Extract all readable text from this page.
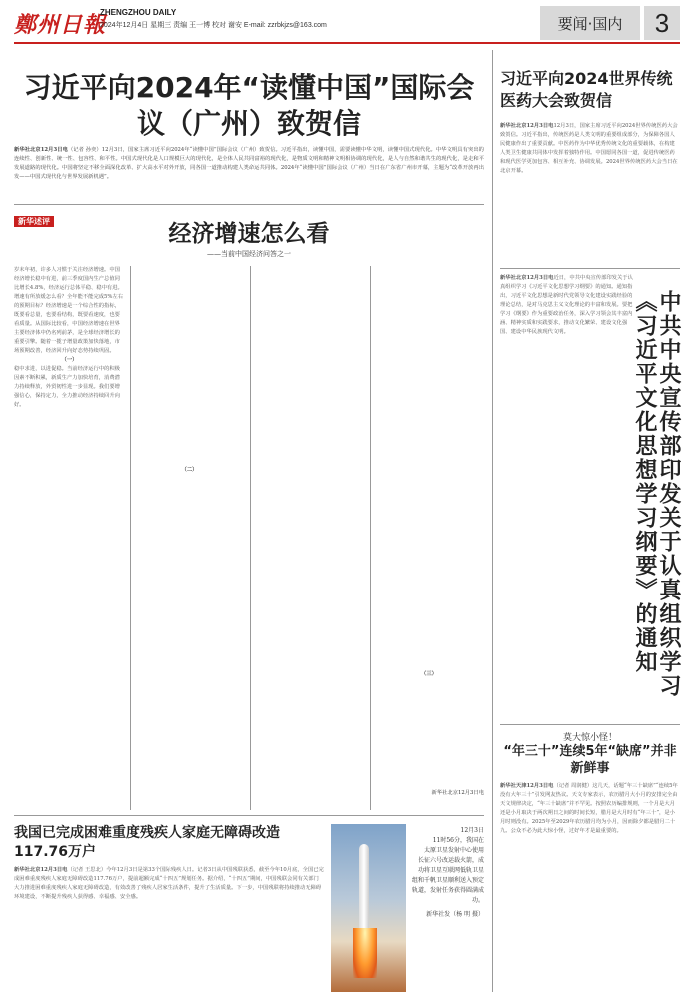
鄭州日報
ZHENGZHOU DAILY
2024年12月4日 星期三 责编 王一博 校对 谢安 E-mail: zzrbkjzs@163.com	要闻·国内	3
习近平向2024年“读懂中国”国际会议（广州）致贺信
新华社北京12月3日电（记者 孙奕）12月3日，国家主席习近平向2024年“读懂中国”国际会议（广州）致贺信。习近平指出，读懂中国，需要读懂中华文明，读懂中国式现代化。中华文明具有突出的连续性、创新性、统一性、包容性、和平性。中国式现代化是人口规模巨大的现代化，是全体人民共同富裕的现代化，是物质文明和精神文明相协调的现代化，是人与自然和谐共生的现代化，是走和平发展道路的现代化。中国将坚定不移全面深化改革、扩大高水平对外开放，同各国一道推动构建人类命运共同体。2024年“读懂中国”国际会议（广州）当日在广东省广州市开幕，主题为“改革开放再出发——中国式现代化与世界发展新机遇”。
新华述评	经济增速怎么看
——当前中国经济问答之一
岁末年初，许多人习惯于关注经济增速。中国经济增长稳中有进，前三季度国内生产总值同比增长4.8%，经济运行总体平稳、稳中有进。增速有所放缓怎么看？全年能不能完成5%左右的预期目标？经济增速是一个综合性的指标，既要看总量，也要看结构，既要看速度，也要看质量。从国际比较看，中国经济增速在世界主要经济体中仍名列前茅，是全球经济增长的重要引擎。随着一揽子增量政策加快落地，市场预期改善，经济回升向好态势持续巩固。
（一）
稳中求进，以进促稳。当前经济运行中的积极因素不断积累，新质生产力加快培育，消费潜力持续释放，外贸韧性进一步显现。我们要增强信心，保持定力，全力推动经济持续回升向好。
（二）
（三）
新华社北京12月3日电
我国已完成困难重度残疾人家庭无障碍改造117.76万户
新华社北京12月3日电（记者 王思北）今年12月3日是第33个国际残疾人日。记者3日从中国残联获悉，截至今年10月底，全国已完成困难重度残疾人家庭无障碍改造117.76万户，提前超额完成“十四五”规划任务。据介绍，“十四五”期间，中国残联会同有关部门大力推进困难重度残疾人家庭无障碍改造，有效改善了残疾人居家生活条件，提升了生活质量。下一步，中国残联将持续推动无障碍环境建设，不断提升残疾人获得感、幸福感、安全感。
12月3日
11时56分，我国在
太原卫星发射中心使用
长征六号改运载火箭，成
功将卫星互联网低轨卫星
组和千帆卫星顺利送入预定
轨道，发射任务获得圆满成功。
新华社发（杨 明 摄）
习近平向2024世界传统医药大会致贺信
新华社北京12月3日电12月3日，国家主席习近平向2024世界传统医药大会致贺信。习近平指出，传统医药是人类文明的重要组成部分，为保障各国人民健康作出了重要贡献。中医药作为中华优秀传统文化的重要载体，在构建人类卫生健康共同体中发挥着独特作用。中国愿同各国一道，促进传统医药和现代医学更加包容、相互补充、协调发展。2024世界传统医药大会当日在北京开幕。
新华社北京12月3日电近日，中共中央宣传部印发关于认真组织学习《习近平文化思想学习纲要》的通知。通知指出，习近平文化思想是新时代党领导文化建设实践经验的理论总结，是对马克思主义文化理论的丰富和发展。要把学习《纲要》作为重要政治任务，深入学习领会其丰富内涵、精神实质和实践要求，推动文化繁荣、建设文化强国、建设中华民族现代文明。	中共中央宣传部印发关于认真组织学习《习近平文化思想学习纲要》的通知
莫大惊小怪！
“年三十”连续5年“缺席”并非新鲜事
新华社天津12月3日电（记者 周润健）这几天，话题“年三十缺席”“连续5年没有大年三十”引发网友热议。天文专家表示，农历腊月大小月的安排完全由天文规律决定，“年三十缺席”并不罕见。按照农历编排规则，一个月是大月还是小月取决于两次朔日之间的时间长短，腊月是大月时有“年三十”，是小月时则没有。2025年至2029年农历腊月均为小月，因而除夕都是腊月二十九。公众不必为此大惊小怪，过好年才是最重要的。
